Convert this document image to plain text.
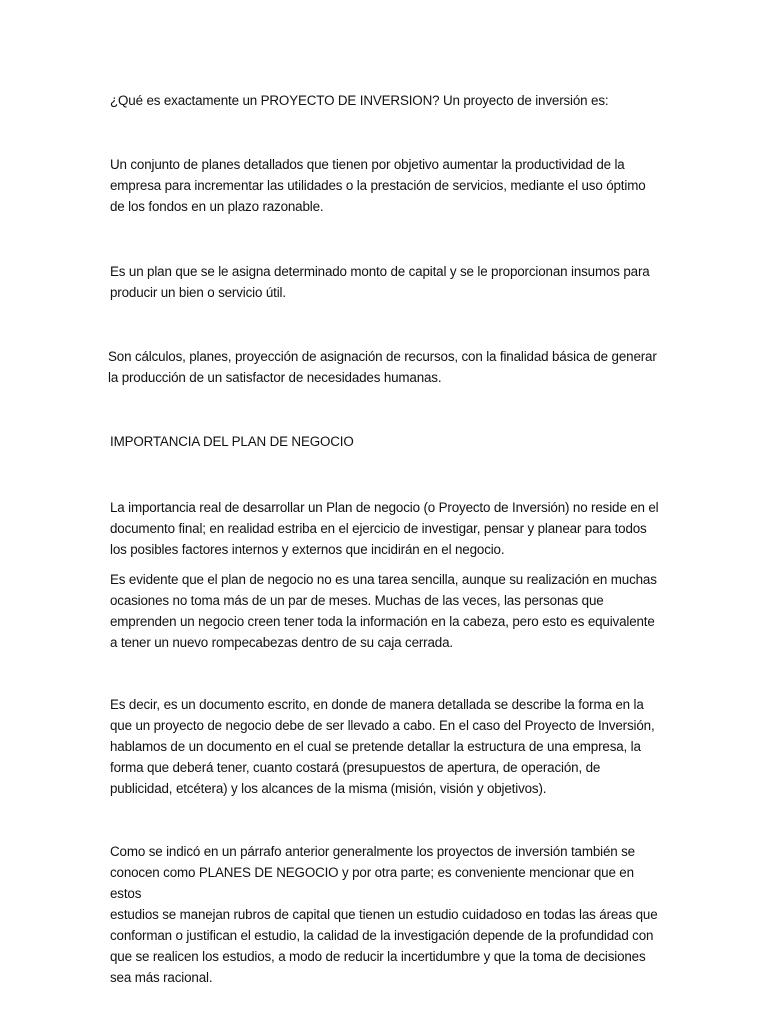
¿Qué es exactamente un PROYECTO DE INVERSION? Un proyecto de inversión es:

Un conjunto de planes detallados que tienen por objetivo aumentar la productividad de la
empresa para incrementar las utilidades o la prestación de servicios, mediante el uso óptimo
de los fondos en un plazo razonable.

Es un plan que se le asigna determinado monto de capital y se le proporcionan insumos para
producir un bien o servicio útil.

Son cálculos, planes, proyección de asignación de recursos, con la finalidad básica de generar
la producción de un satisfactor de necesidades humanas.

IMPORTANCIA DEL PLAN DE NEGOCIO

La importancia real de desarrollar un Plan de negocio (o Proyecto de Inversión) no reside en el
documento final; en realidad estriba en el ejercicio de investigar, pensar y planear para todos
los posibles factores internos y externos que incidirán en el negocio.

Es evidente que el plan de negocio no es una tarea sencilla, aunque su realización en muchas
ocasiones no toma más de un par de meses. Muchas de las veces, las personas que
emprenden un negocio creen tener toda la información en la cabeza, pero esto es equivalente
a tener un nuevo rompecabezas dentro de su caja cerrada.

Es decir, es un documento escrito, en donde de manera detallada se describe la forma en la
que un proyecto de negocio debe de ser llevado a cabo. En el caso del Proyecto de Inversión,
hablamos de un documento en el cual se pretende detallar la estructura de una empresa, la
forma que deberá tener, cuanto costará (presupuestos de apertura, de operación, de
publicidad, etcétera) y los alcances de la misma (misión, visión y objetivos).

Como se indicó en un párrafo anterior generalmente los proyectos de inversión también se
conocen como PLANES DE NEGOCIO y por otra parte; es conveniente mencionar que en estos
estudios se manejan rubros de capital que tienen un estudio cuidadoso en todas las áreas que
conforman o justifican el estudio, la calidad de la investigación depende de la profundidad con
que se realicen los estudios, a modo de reducir la incertidumbre y que la toma de decisiones
sea más racional.
